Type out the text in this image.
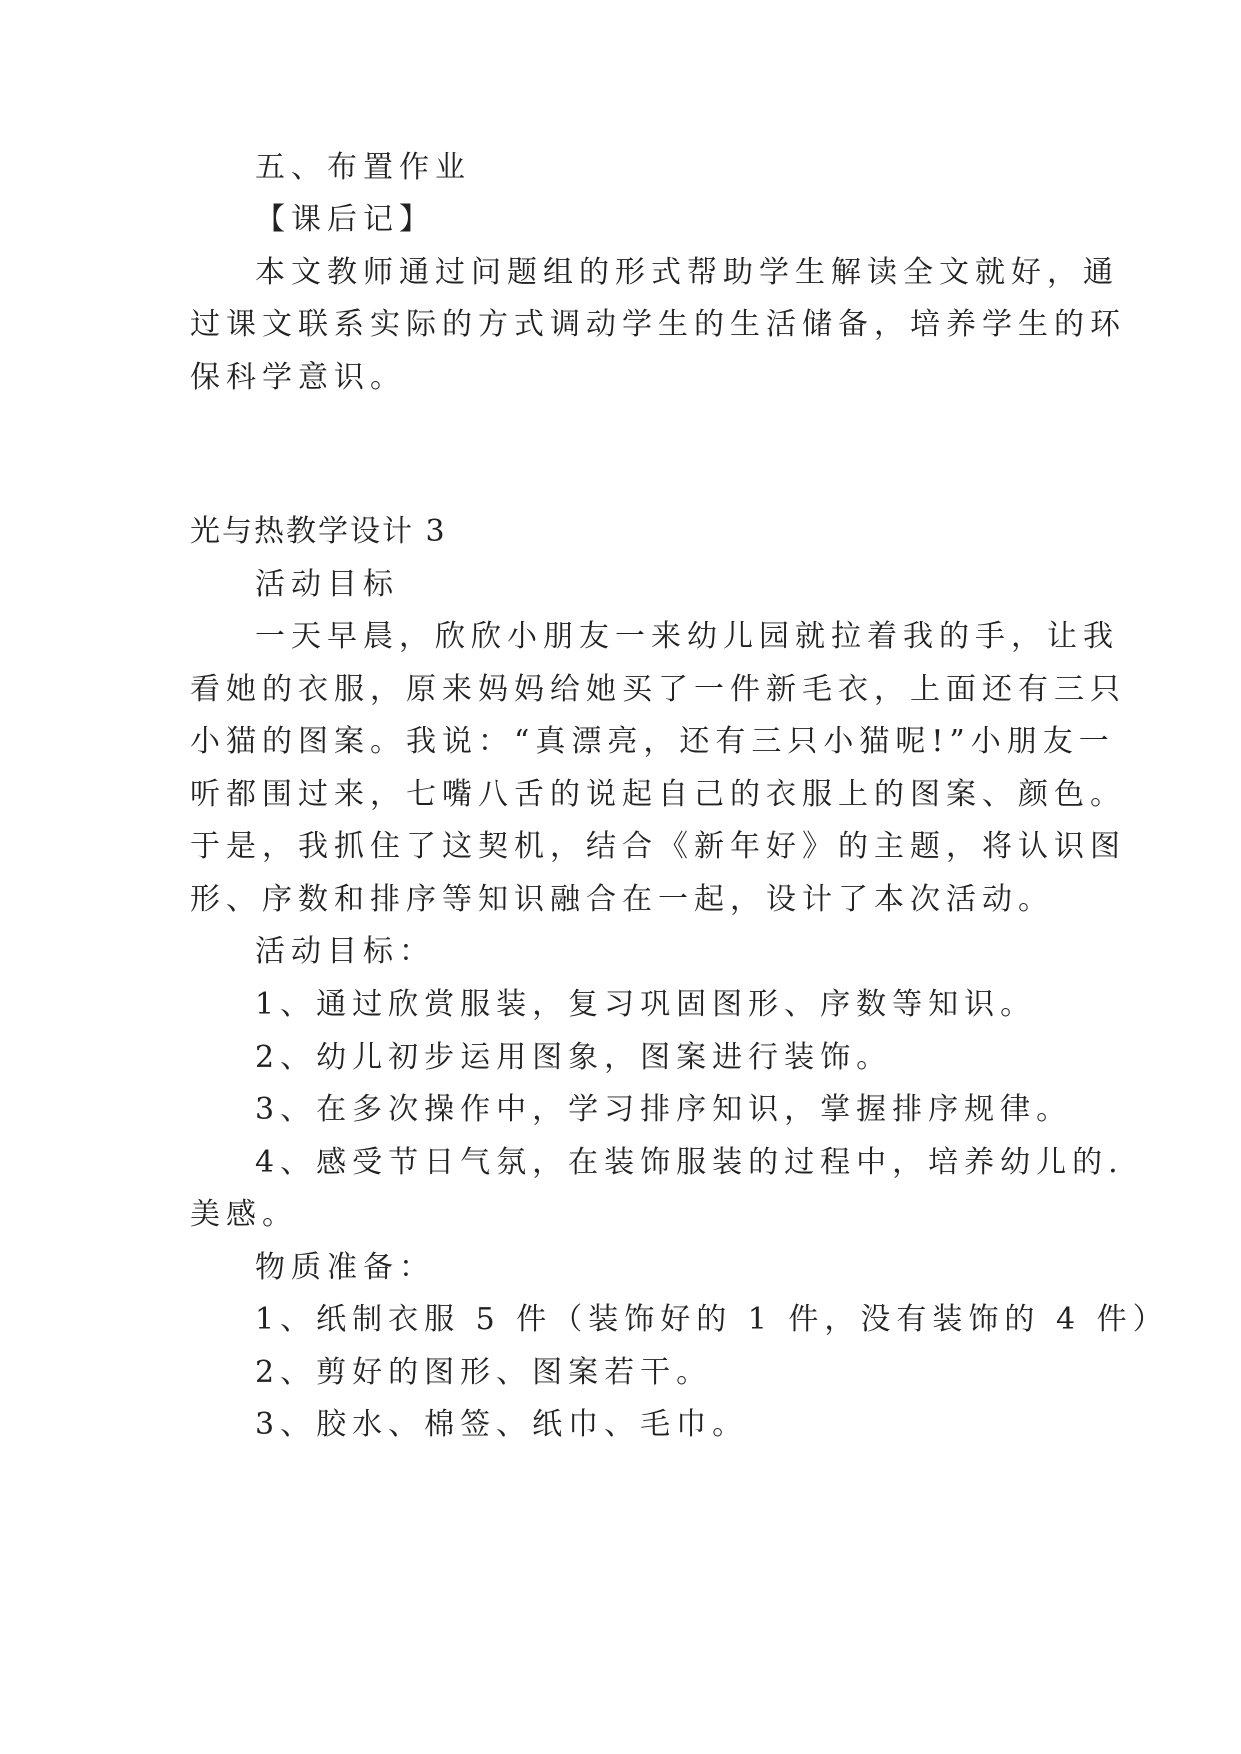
五、布置作业

【课后记】

本文教师通过问题组的形式帮助学生解读全文就好，通

过课文联系实际的方式调动学生的生活储备，培养学生的环

保科学意识。

光与热教学设计 3

活动目标

一天早晨，欣欣小朋友一来幼儿园就拉着我的手，让我

看她的衣服，原来妈妈给她买了一件新毛衣，上面还有三只

小猫的图案。我说：“真漂亮，还有三只小猫呢!”小朋友一

听都围过来，七嘴八舌的说起自己的衣服上的图案、颜色。

于是，我抓住了这契机，结合《新年好》的主题，将认识图

形、序数和排序等知识融合在一起，设计了本次活动。

活动目标：

1、通过欣赏服装，复习巩固图形、序数等知识。

2、幼儿初步运用图象，图案进行装饰。

3、在多次操作中，学习排序知识，掌握排序规律。

4、感受节日气氛，在装饰服装的过程中，培养幼儿的.

美感。

物质准备：

1、纸制衣服 5 件（装饰好的 1 件，没有装饰的 4 件）

2、剪好的图形、图案若干。

3、胶水、棉签、纸巾、毛巾。
